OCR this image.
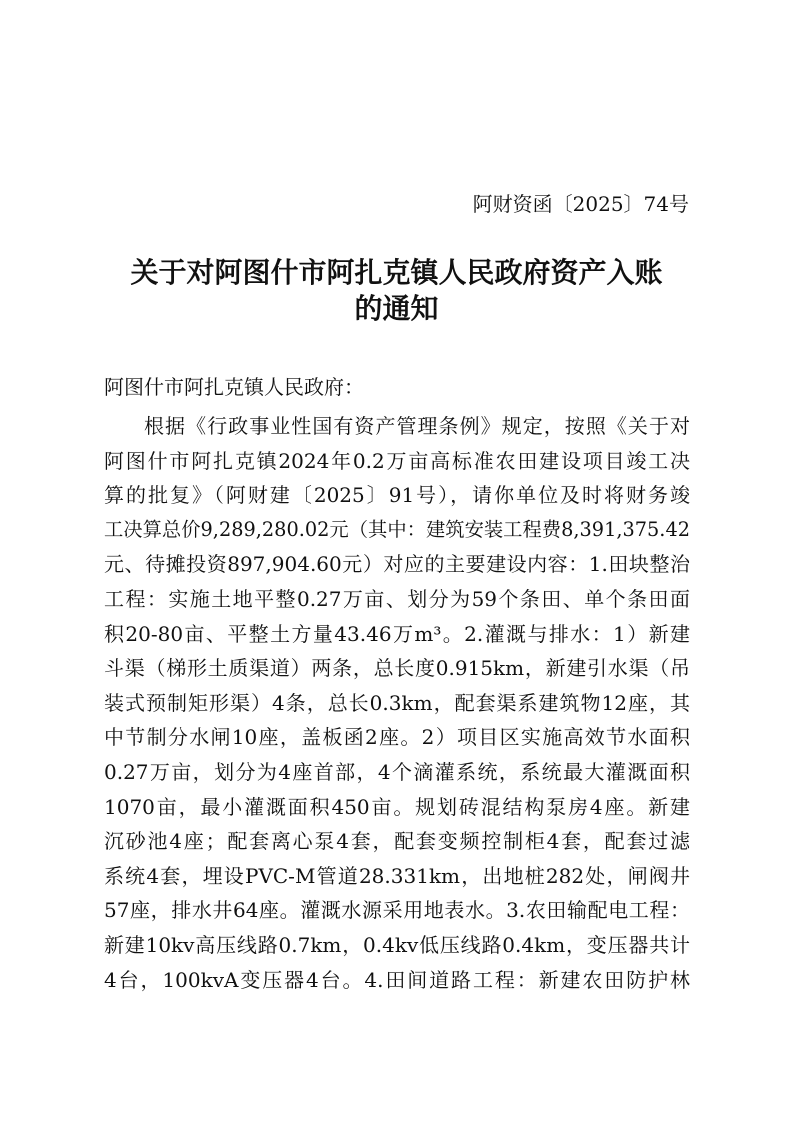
阿财资函〔2025〕74号
关于对阿图什市阿扎克镇人民政府资产入账
的通知
阿图什市阿扎克镇人民政府：
根据《行政事业性国有资产管理条例》规定，按照《关于对
阿图什市阿扎克镇2024年0.2万亩高标准农田建设项目竣工决
算的批复》（阿财建〔2025〕91号），请你单位及时将财务竣
工决算总价9,289,280.02元（其中：建筑安装工程费8,391,375.42
元、待摊投资897,904.60元）对应的主要建设内容：1.田块整治
工程：实施土地平整0.27万亩、划分为59个条田、单个条田面
积20-80亩、平整土方量43.46万m³。2.灌溉与排水：1）新建
斗渠（梯形土质渠道）两条，总长度0.915km，新建引水渠（吊
装式预制矩形渠）4条，总长0.3km，配套渠系建筑物12座，其
中节制分水闸10座，盖板函2座。2）项目区实施高效节水面积
0.27万亩，划分为4座首部，4个滴灌系统，系统最大灌溉面积
1070亩，最小灌溉面积450亩。规划砖混结构泵房4座。新建
沉砂池4座；配套离心泵4套，配套变频控制柜4套，配套过滤
系统4套，埋设PVC-M管道28.331km，出地桩282处，闸阀井
57座，排水井64座。灌溉水源采用地表水。3.农田输配电工程：
新建10kv高压线路0.7km，0.4kv低压线路0.4km，变压器共计
4台，100kvA变压器4台。4.田间道路工程：新建农田防护林
